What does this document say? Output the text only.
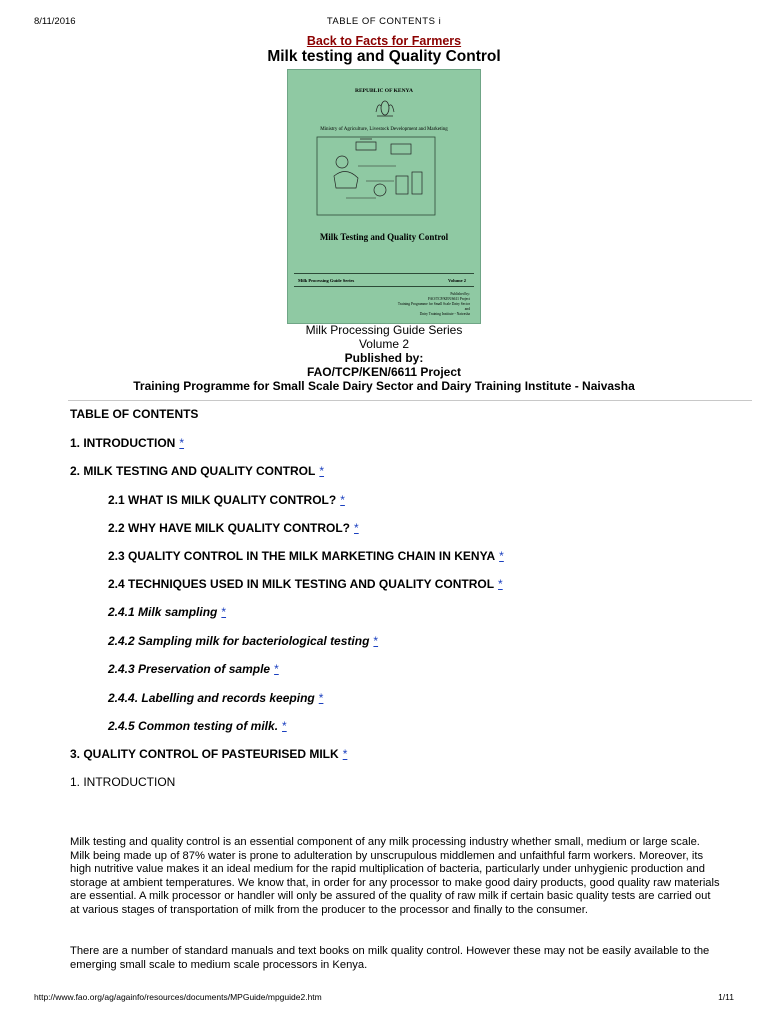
8/11/2016	TABLE OF CONTENTS i
Back to Facts for Farmers
Milk testing and Quality Control
REPUBLIC OF KENYA
Ministry of Agriculture, Livestock Development and Marketing
Milk Testing and Quality Control
Milk Processing Guide Series	Volume 2
Published by:
FAO/TCP/KEN/6611 Project
Training Programme for Small Scale Dairy Sector
and
Dairy Training Institute - Naivasha
Milk Processing Guide Series
Volume 2
Published by:
FAO/TCP/KEN/6611 Project
Training Programme for Small Scale Dairy Sector and Dairy Training Institute - Naivasha
TABLE OF CONTENTS
1. INTRODUCTION *
2. MILK TESTING AND QUALITY CONTROL *
2.1 WHAT IS MILK QUALITY CONTROL? *
2.2 WHY HAVE MILK QUALITY CONTROL? *
2.3 QUALITY CONTROL IN THE MILK MARKETING CHAIN IN KENYA *
2.4 TECHNIQUES USED IN MILK TESTING AND QUALITY CONTROL *
2.4.1 Milk sampling *
2.4.2 Sampling milk for bacteriological testing *
2.4.3 Preservation of sample *
2.4.4. Labelling and records keeping *
2.4.5 Common testing of milk. *
3. QUALITY CONTROL OF PASTEURISED MILK *
1. INTRODUCTION
Milk testing and quality control is an essential component of any milk processing industry whether small, medium or large scale. Milk being made up of 87% water is prone to adulteration by unscrupulous middlemen and unfaithful farm workers. Moreover, its high nutritive value makes it an ideal medium for the rapid multiplication of bacteria, particularly under unhygienic production and storage at ambient temperatures. We know that, in order for any processor to make good dairy products, good quality raw materials are essential. A milk processor or handler will only be assured of the quality of raw milk if certain basic quality tests are carried out at various stages of transportation of milk from the producer to the processor and finally to the consumer.
There are a number of standard manuals and text books on milk quality control. However these may not be easily available to the emerging small scale to medium scale processors in Kenya.
http://www.fao.org/ag/againfo/resources/documents/MPGuide/mpguide2.htm	1/11
